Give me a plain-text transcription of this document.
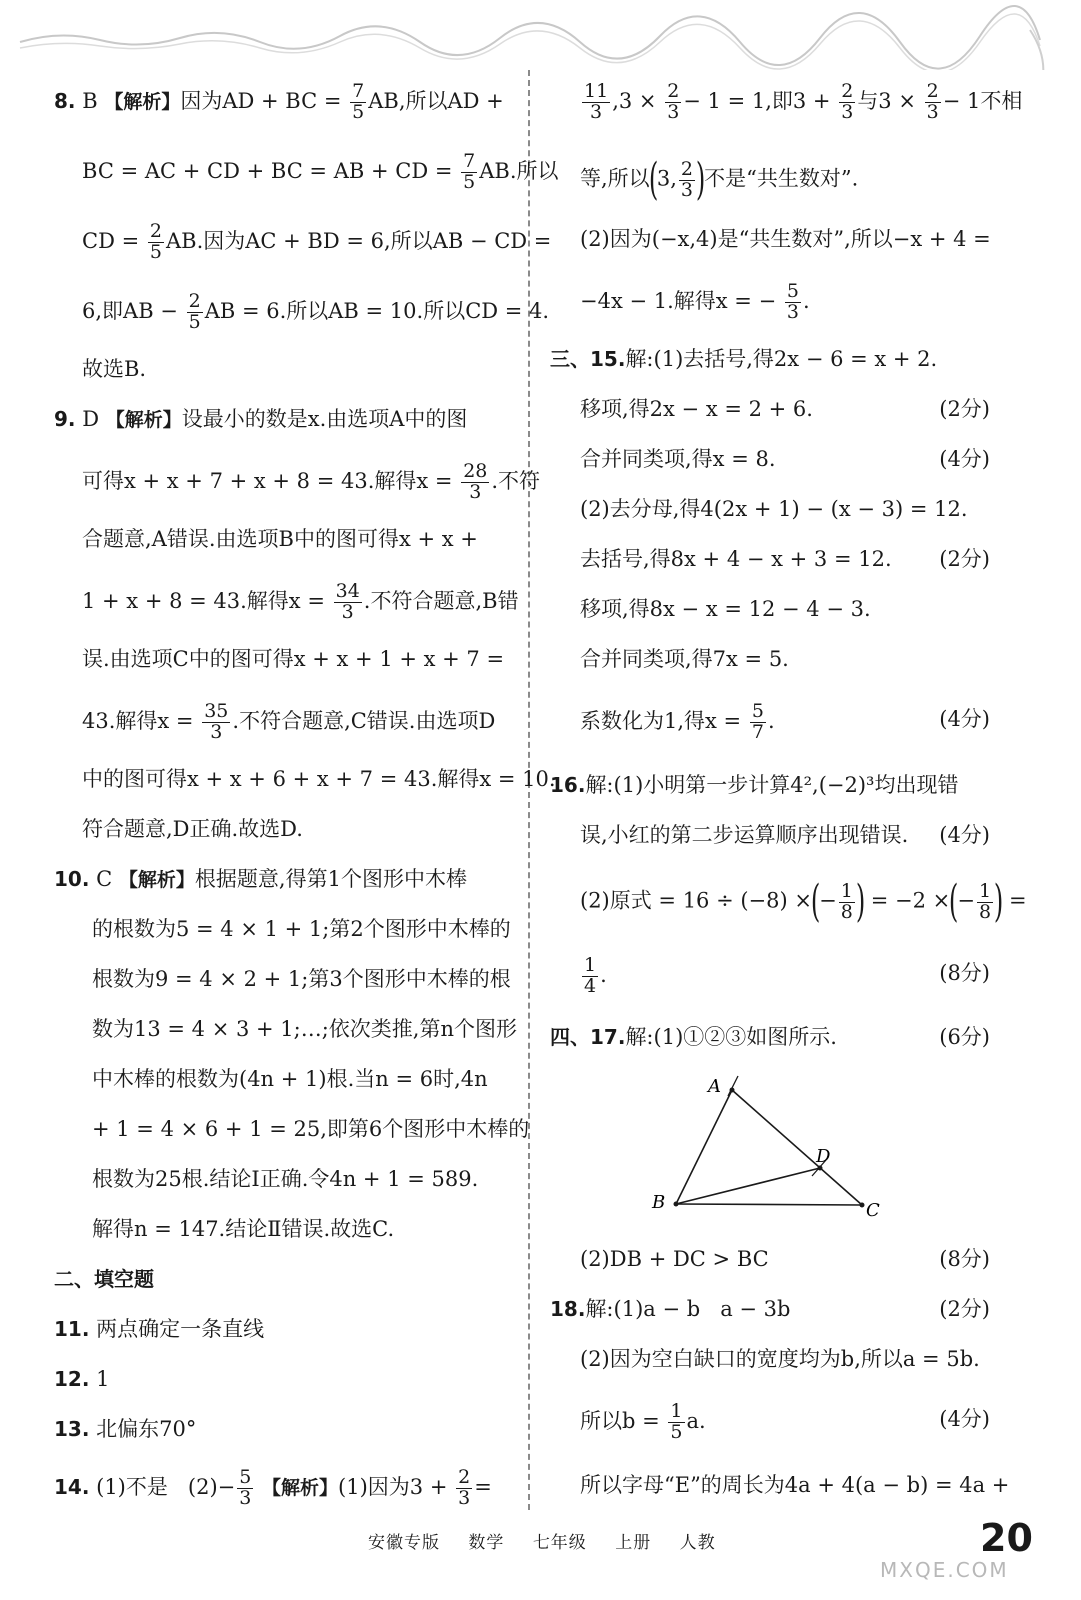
8. B 【解析】因为AD + BC = $\frac{7}{5}$ AB,所以AD +
BC = AC + CD + BC = AB + CD = $\frac{7}{5}$ AB.所以
CD = $\frac{2}{5}$ AB.因为AC + BD = 6,所以AB − CD =
6,即AB − $\frac{2}{5}$ AB = 6.所以AB = 10.所以CD = 4.
故选B.
9. D 【解析】设最小的数是x.由选项A中的图
可得x + x + 7 + x + 8 = 43.解得$x = \frac{28}{3}$ .不符
合题意,A错误.由选项B中的图可得x + x +
1 + x + 8 = 43.解得$x = \frac{34}{3}$ .不符合题意,B错
误.由选项C中的图可得x + x + 1 + x + 7 =
43.解得$x = \frac{35}{3}$ .不符合题意,C错误.由选项D
中的图可得x + x + 6 + x + 7 = 43.解得x = 10.
符合题意,D正确.故选D.
10. C 【解析】根据题意,得第1个图形中木棒
的根数为5 = 4 × 1 + 1;第2个图形中木棒的
根数为9 = 4 × 2 + 1;第3个图形中木棒的根
数为13 = 4 × 3 + 1;…;依次类推,第n个图形
中木棒的根数为(4n + 1)根.当n = 6时,4n
+ 1 = 4 × 6 + 1 = 25,即第6个图形中木棒的
根数为25根.结论Ⅰ正确.令4n + 1 = 589.
解得n = 147.结论Ⅱ错误.故选C.
二、填空题
11. 两点确定一条直线
12. 1
13. 北偏东70°
14. (1)不是 $(2)- \frac{5}{3}$ 【解析】(1)因为$3 + \frac{2}{3}$ =
$\frac{11}{3} ,3 \times \frac{2}{3} - 1 = 1$,即$3 + \frac{2}{3}$ 与$3 \times \frac{2}{3} - 1$不相
等,所以(3, $\frac{2}{3}$ )不是“共生数对”.
(2)因为(−x,4)是“共生数对”,所以−x + 4 =
−4x − 1.解得x = − $\frac{5}{3}$ .
三、15.解:(1)去括号,得2x − 6 = x + 2.
移项,得2x − x = 2 + 6.	(2分)
合并同类项,得x = 8.	(4分)
(2)去分母,得4(2x + 1) − (x − 3) = 12.
去括号,得8x + 4 − x + 3 = 12. (2分)
移项,得8x − x = 12 − 4 − 3.
合并同类项,得7x = 5.
系数化为1,得$x = \frac{5}{7}$ .	(4分)
16.解:(1)小明第一步计算4²,(−2)³均出现错
误,小红的第二步运算顺序出现错误. (4分)
(2)原式 = 16 ÷ (−8) ×(− $\frac{1}{8}$ ) = −2 ×(− $\frac{1}{8}$ ) =
$\frac{1}{4}$ .	(8分)
四、17.解:(1)①②③如图所示.	(6分)
(2)DB + DC > BC	(8分)
18.解:(1)a − b   a − 3b	(2分)
(2)因为空白缺口的宽度均为b,所以a = 5b.
所以$b = \frac{1}{5} a$.	(4分)
所以字母“E”的周长为4a + 4(a − b) = 4a +
A
B	C
D
安徽专版 数学 七年级 上册 人教	20
MXQE.COM
